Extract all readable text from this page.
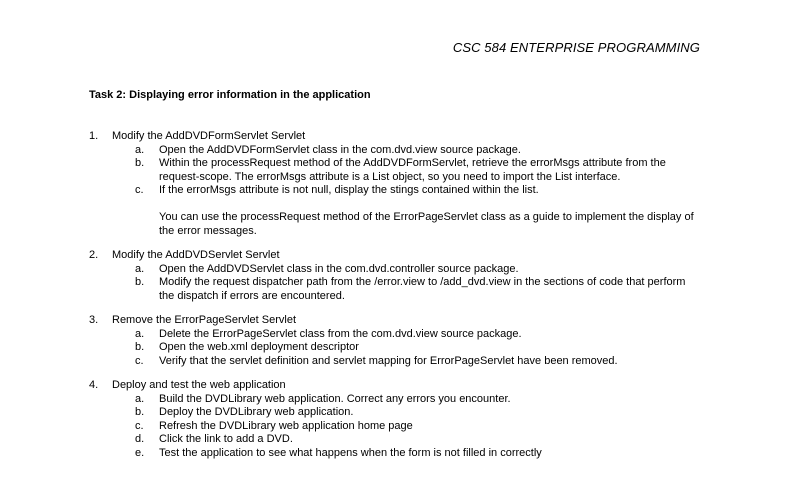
CSC 584 ENTERPRISE PROGRAMMING
Task 2: Displaying error information in the application
1.	Modify the AddDVDFormServlet Servlet
a.	Open the AddDVDFormServlet class in the com.dvd.view source package.
b.	Within the processRequest method of the AddDVDFormServlet, retrieve the errorMsgs attribute from the request-scope. The errorMsgs attribute is a List object, so you need to import the List interface.
c.	If the errorMsgs attribute is not null, display the stings contained within the list.
You can use the processRequest method of the ErrorPageServlet class as a guide to implement the display of the error messages.
2.	Modify the AddDVDServlet Servlet
a.	Open the AddDVDServlet class in the com.dvd.controller source package.
b.	Modify the request dispatcher path from the /error.view to /add_dvd.view in the sections of code that perform the dispatch if errors are encountered.
3.	Remove the ErrorPageServlet Servlet
a.	Delete the ErrorPageServlet class from the com.dvd.view source package.
b.	Open the web.xml deployment descriptor
c.	Verify that the servlet definition and servlet mapping for ErrorPageServlet have been removed.
4.	Deploy and test the web application
a.	Build the DVDLibrary web application. Correct any errors you encounter.
b.	Deploy the DVDLibrary web application.
c.	Refresh the DVDLibrary web application home page
d.	Click the link to add a DVD.
e.	Test the application to see what happens when the form is not filled in correctly
